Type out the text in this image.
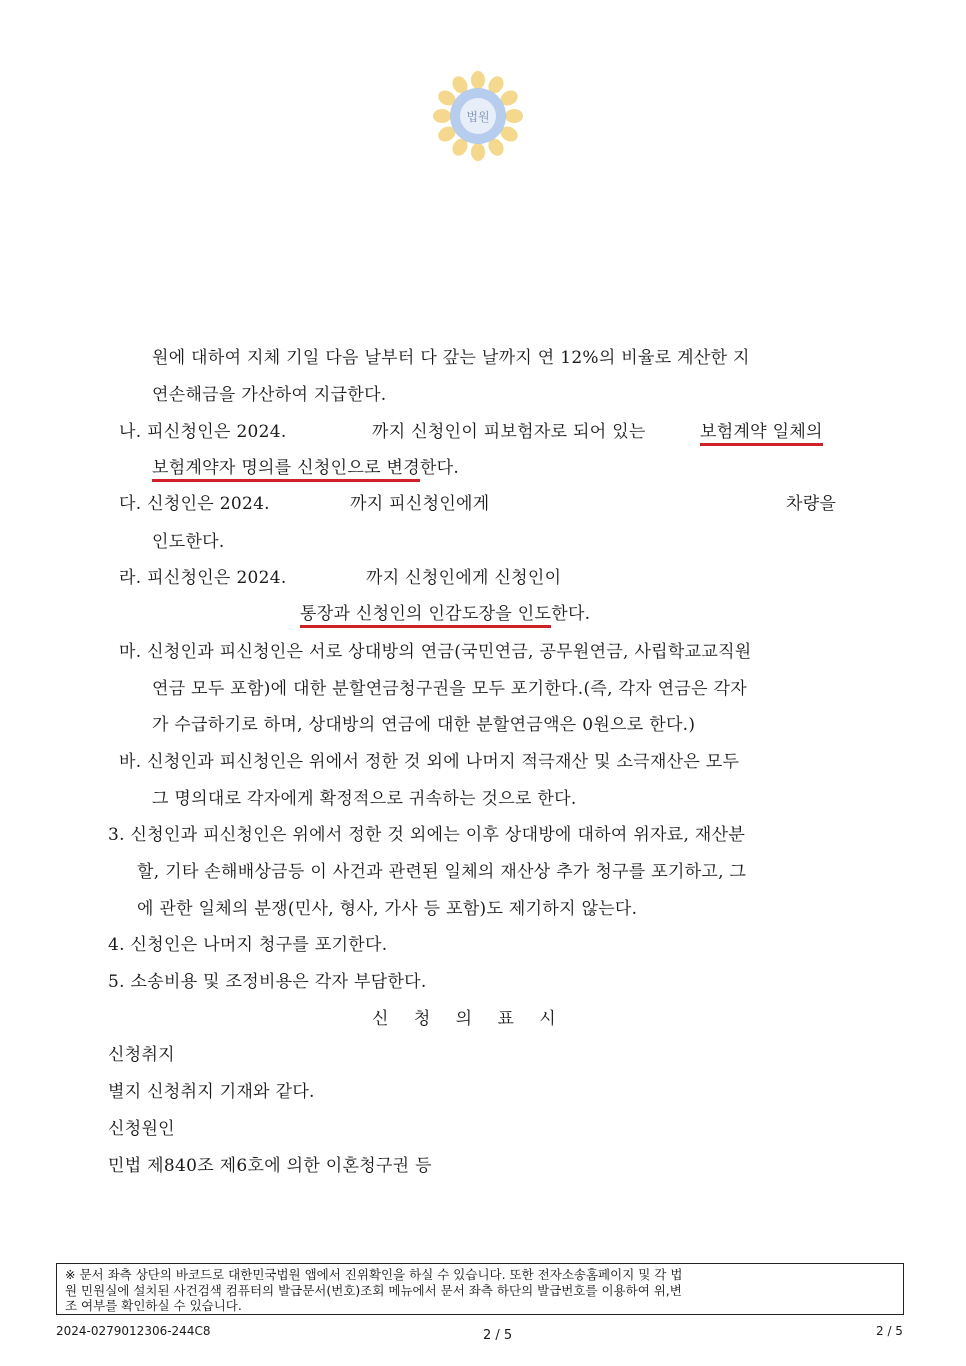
법원
원에 대하여 지체 기일 다음 날부터 다 갚는 날까지 연 12%의 비율로 계산한 지
연손해금을 가산하여 지급한다.
나. 피신청인은 2024.	까지 신청인이 피보험자로 되어 있는	보험계약 일체의
보험계약자 명의를 신청인으로 변경한다.
다. 신청인은 2024.	까지 피신청인에게	차량을
인도한다.
라. 피신청인은 2024.	까지 신청인에게 신청인이
통장과 신청인의 인감도장을 인도한다.
마. 신청인과 피신청인은 서로 상대방의 연금(국민연금, 공무원연금, 사립학교교직원
연금 모두 포함)에 대한 분할연금청구권을 모두 포기한다.(즉, 각자 연금은 각자
가 수급하기로 하며, 상대방의 연금에 대한 분할연금액은 0원으로 한다.)
바. 신청인과 피신청인은 위에서 정한 것 외에 나머지 적극재산 및 소극재산은 모두
그 명의대로 각자에게 확정적으로 귀속하는 것으로 한다.
3. 신청인과 피신청인은 위에서 정한 것 외에는 이후 상대방에 대하여 위자료, 재산분
할, 기타 손해배상금등 이 사건과 관련된 일체의 재산상 추가 청구를 포기하고, 그
에 관한 일체의 분쟁(민사, 형사, 가사 등 포함)도 제기하지 않는다.
4. 신청인은 나머지 청구를 포기한다.
5. 소송비용 및 조정비용은 각자 부담한다.
신 청 의 표 시
신청취지
별지 신청취지 기재와 같다.
신청원인
민법 제840조 제6호에 의한 이혼청구권 등
※ 문서 좌측 상단의 바코드로 대한민국법원 앱에서 진위확인을 하실 수 있습니다. 또한 전자소송홈페이지 및 각 법
원 민원실에 설치된 사건검색 컴퓨터의 발급문서(번호)조회 메뉴에서 문서 좌측 하단의 발급번호를 이용하여 위,변
조 여부를 확인하실 수 있습니다.
2024-0279012306-244C8	2 / 5	2 / 5
